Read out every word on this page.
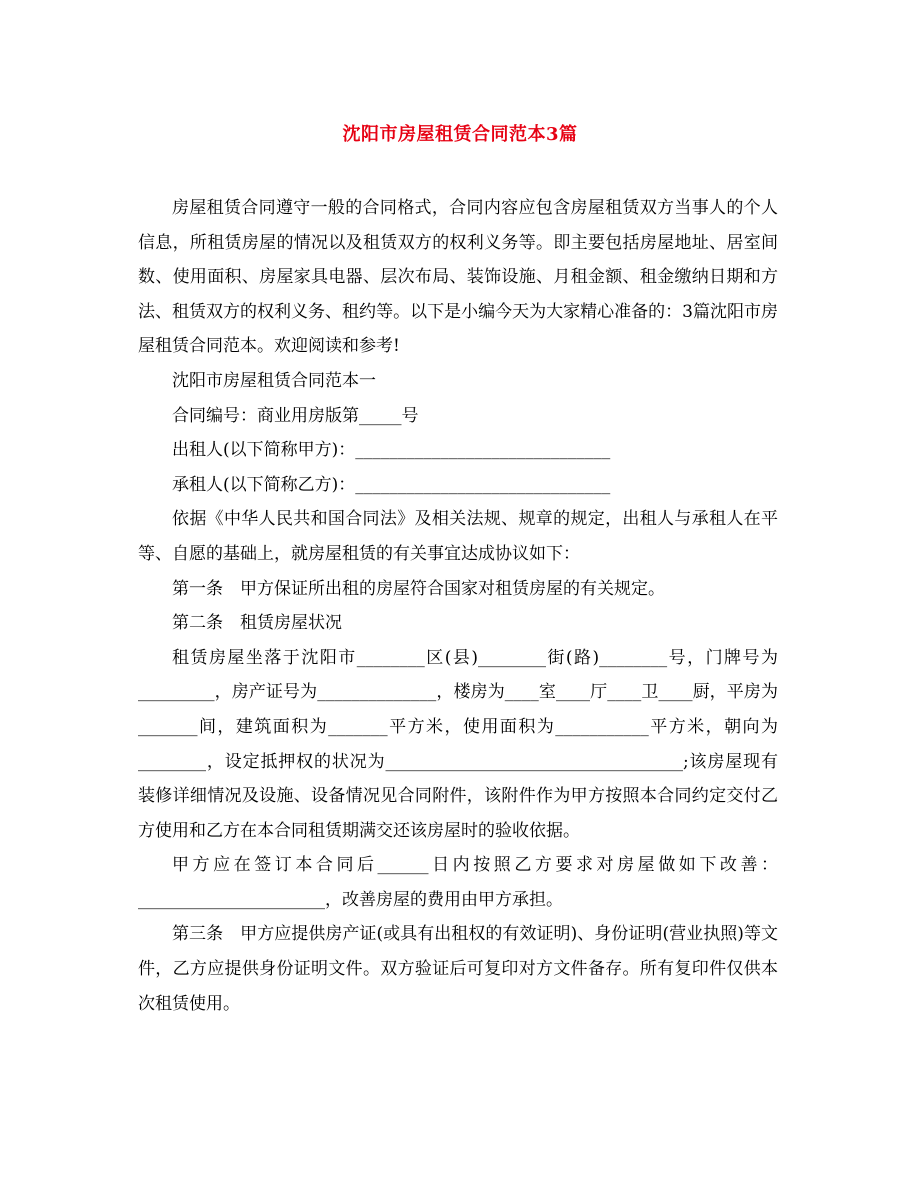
沈阳市房屋租赁合同范本3篇

房屋租赁合同遵守一般的合同格式，合同内容应包含房屋租赁双方当事人的个人信息，所租赁房屋的情况以及租赁双方的权利义务等。即主要包括房屋地址、居室间数、使用面积、房屋家具电器、层次布局、装饰设施、月租金额、租金缴纳日期和方法、租赁双方的权利义务、租约等。以下是小编今天为大家精心准备的：3篇沈阳市房屋租赁合同范本。欢迎阅读和参考!

沈阳市房屋租赁合同范本一

合同编号：商业用房版第_____号

出租人(以下简称甲方)：______________________________

承租人(以下简称乙方)：______________________________

依据《中华人民共和国合同法》及相关法规、规章的规定，出租人与承租人在平等、自愿的基础上，就房屋租赁的有关事宜达成协议如下：

第一条　甲方保证所出租的房屋符合国家对租赁房屋的有关规定。

第二条　租赁房屋状况

租赁房屋坐落于沈阳市________区(县)________街(路)________号，门牌号为_________，房产证号为______________，楼房为____室____厅____卫____厨，平房为_______间，建筑面积为_______平方米，使用面积为___________平方米，朝向为________，设定抵押权的状况为___________________________________;该房屋现有装修详细情况及设施、设备情况见合同附件，该附件作为甲方按照本合同约定交付乙方使用和乙方在本合同租赁期满交还该房屋时的验收依据。

甲方应在签订本合同后______日内按照乙方要求对房屋做如下改善：______________________，改善房屋的费用由甲方承担。

第三条　甲方应提供房产证(或具有出租权的有效证明)、身份证明(营业执照)等文件，乙方应提供身份证明文件。双方验证后可复印对方文件备存。所有复印件仅供本次租赁使用。
